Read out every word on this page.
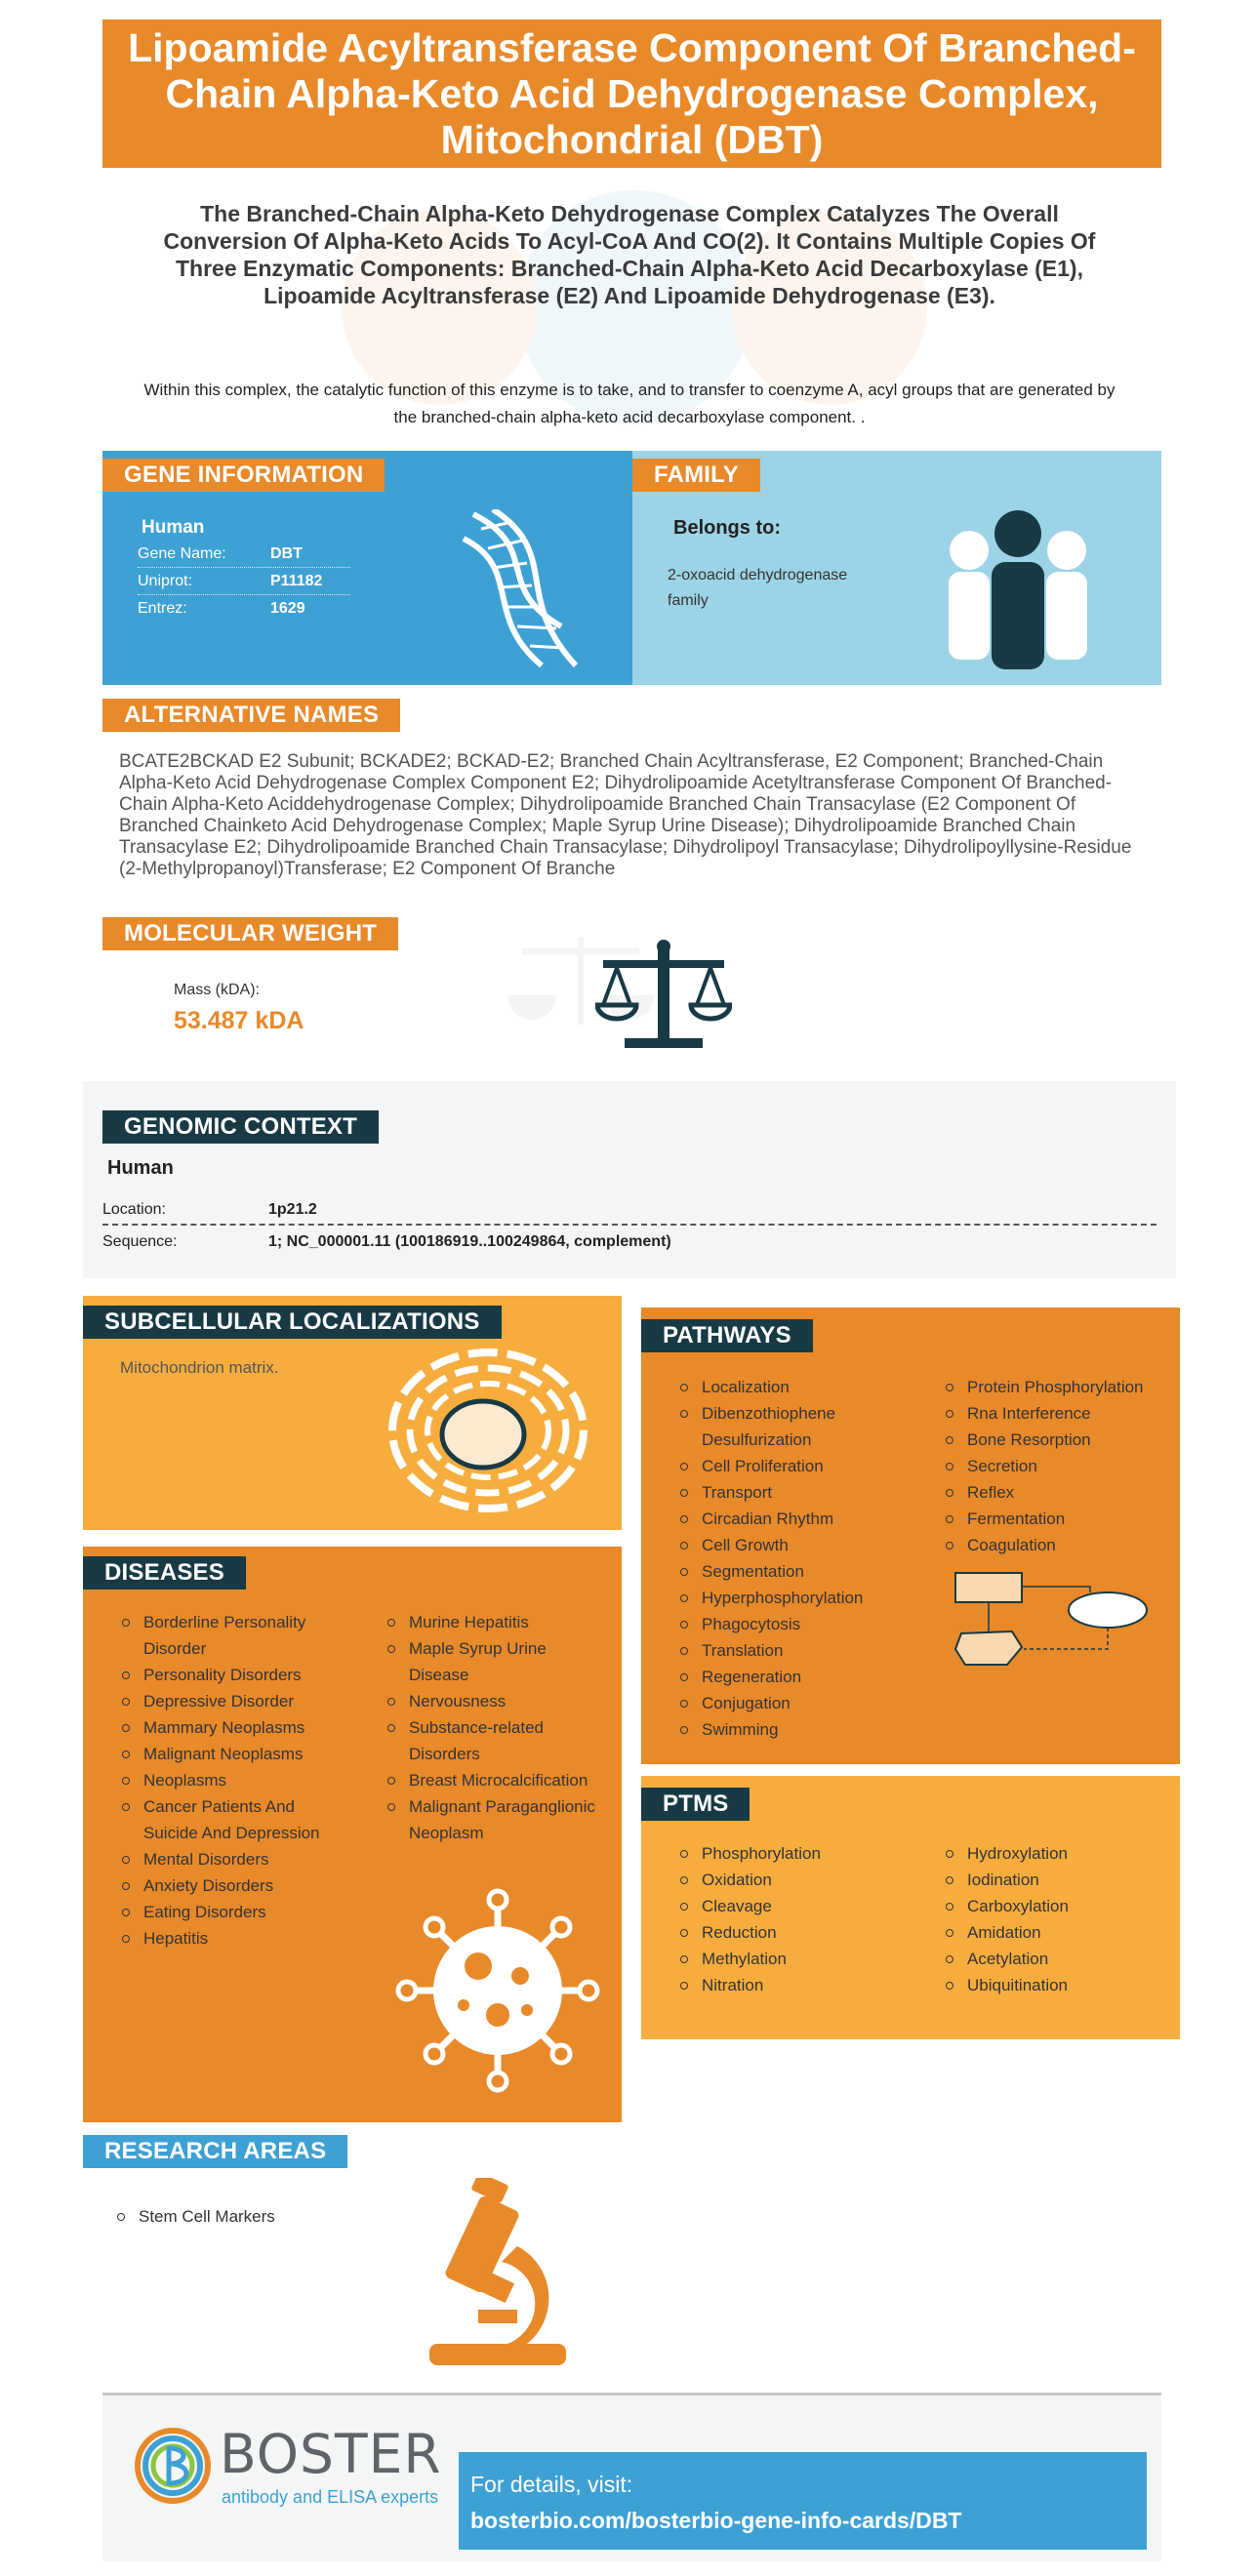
Lipoamide Acyltransferase Component Of Branched-Chain Alpha-Keto Acid Dehydrogenase Complex, Mitochondrial (DBT)

The Branched-Chain Alpha-Keto Dehydrogenase Complex Catalyzes The Overall Conversion Of Alpha-Keto Acids To Acyl-CoA And CO(2). It Contains Multiple Copies Of Three Enzymatic Components: Branched-Chain Alpha-Keto Acid Decarboxylase (E1), Lipoamide Acyltransferase (E2) And Lipoamide Dehydrogenase (E3).

Within this complex, the catalytic function of this enzyme is to take, and to transfer to coenzyme A, acyl groups that are generated by the branched-chain alpha-keto acid decarboxylase component. .

GENE INFORMATION
Human
Gene Name:	DBT
Uniprot:	P11182
Entrez:	1629
FAMILY
Belongs to:
2-oxoacid dehydrogenase family
ALTERNATIVE NAMES

BCATE2BCKAD E2 Subunit; BCKADE2; BCKAD-E2; Branched Chain Acyltransferase, E2 Component; Branched-Chain Alpha-Keto Acid Dehydrogenase Complex Component E2; Dihydrolipoamide Acetyltransferase Component Of Branched-Chain Alpha-Keto Aciddehydrogenase Complex; Dihydrolipoamide Branched Chain Transacylase (E2 Component Of Branched Chainketo Acid Dehydrogenase Complex; Maple Syrup Urine Disease); Dihydrolipoamide Branched Chain Transacylase E2; Dihydrolipoamide Branched Chain Transacylase; Dihydrolipoyl Transacylase; Dihydrolipoyllysine-Residue (2-Methylpropanoyl)Transferase; E2 Component Of Branche

MOLECULAR WEIGHT
Mass (kDA):
53.487 kDA
GENOMIC CONTEXT
Human
Location:	1p21.2
Sequence:	1; NC_000001.11 (100186919..100249864, complement)
SUBCELLULAR LOCALIZATIONS
Mitochondrion matrix.
DISEASES
Borderline Personality Disorder
Personality Disorders
Depressive Disorder
Mammary Neoplasms
Malignant Neoplasms
Neoplasms
Cancer Patients And Suicide And Depression
Mental Disorders
Anxiety Disorders
Eating Disorders
Hepatitis
Murine Hepatitis
Maple Syrup Urine Disease
Nervousness
Substance-related Disorders
Breast Microcalcification
Malignant Paraganglionic Neoplasm
PATHWAYS
Localization
Dibenzothiophene Desulfurization
Cell Proliferation
Transport
Circadian Rhythm
Cell Growth
Segmentation
Hyperphosphorylation
Phagocytosis
Translation
Regeneration
Conjugation
Swimming
Protein Phosphorylation
Rna Interference
Bone Resorption
Secretion
Reflex
Fermentation
Coagulation
PTMS
Phosphorylation
Oxidation
Cleavage
Reduction
Methylation
Nitration
Hydroxylation
Iodination
Carboxylation
Amidation
Acetylation
Ubiquitination
RESEARCH AREAS
Stem Cell Markers
BOSTER
antibody and ELISA experts For details, visit:
bosterbio.com/bosterbio-gene-info-cards/DBT
